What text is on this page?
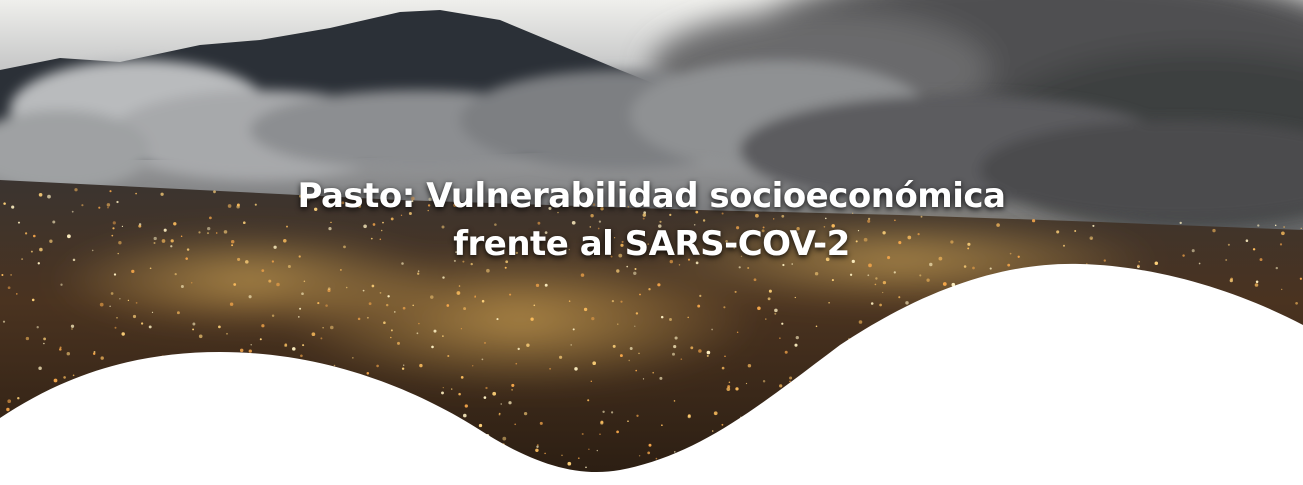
Pasto: Vulnerabilidad socioeconómica
frente al SARS-COV-2
